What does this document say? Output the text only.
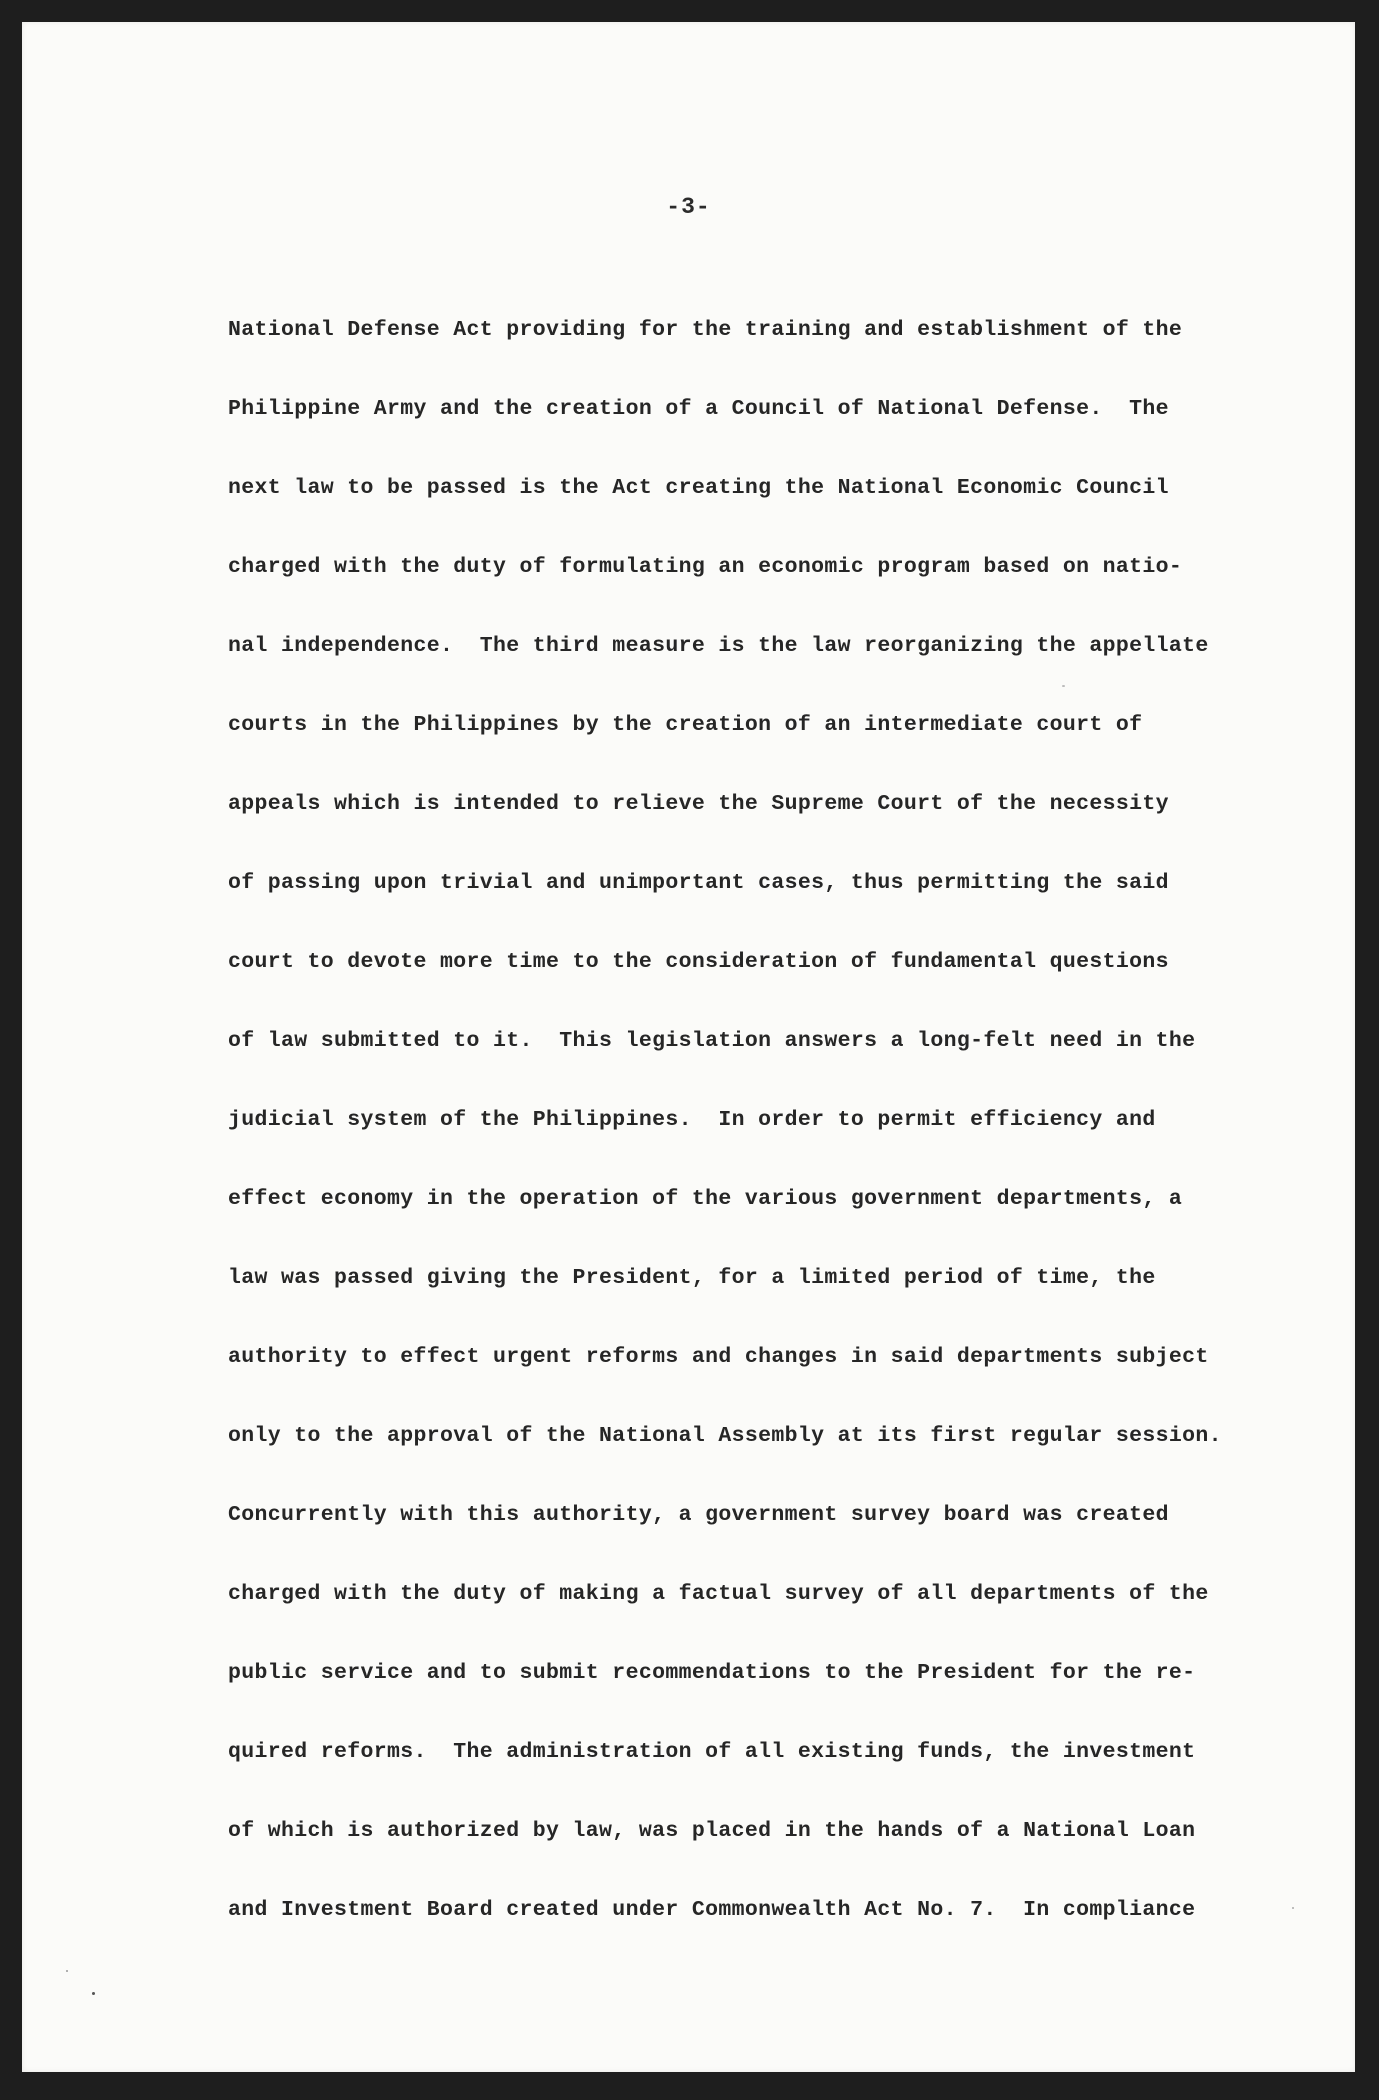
-3-
National Defense Act providing for the training and establishment of the
Philippine Army and the creation of a Council of National Defense.  The
next law to be passed is the Act creating the National Economic Council
charged with the duty of formulating an economic program based on natio-
nal independence.  The third measure is the law reorganizing the appellate
courts in the Philippines by the creation of an intermediate court of
appeals which is intended to relieve the Supreme Court of the necessity
of passing upon trivial and unimportant cases, thus permitting the said
court to devote more time to the consideration of fundamental questions
of law submitted to it.  This legislation answers a long-felt need in the
judicial system of the Philippines.  In order to permit efficiency and
effect economy in the operation of the various government departments, a
law was passed giving the President, for a limited period of time, the
authority to effect urgent reforms and changes in said departments subject
only to the approval of the National Assembly at its first regular session.
Concurrently with this authority, a government survey board was created
charged with the duty of making a factual survey of all departments of the
public service and to submit recommendations to the President for the re-
quired reforms.  The administration of all existing funds, the investment
of which is authorized by law, was placed in the hands of a National Loan
and Investment Board created under Commonwealth Act No. 7.  In compliance
